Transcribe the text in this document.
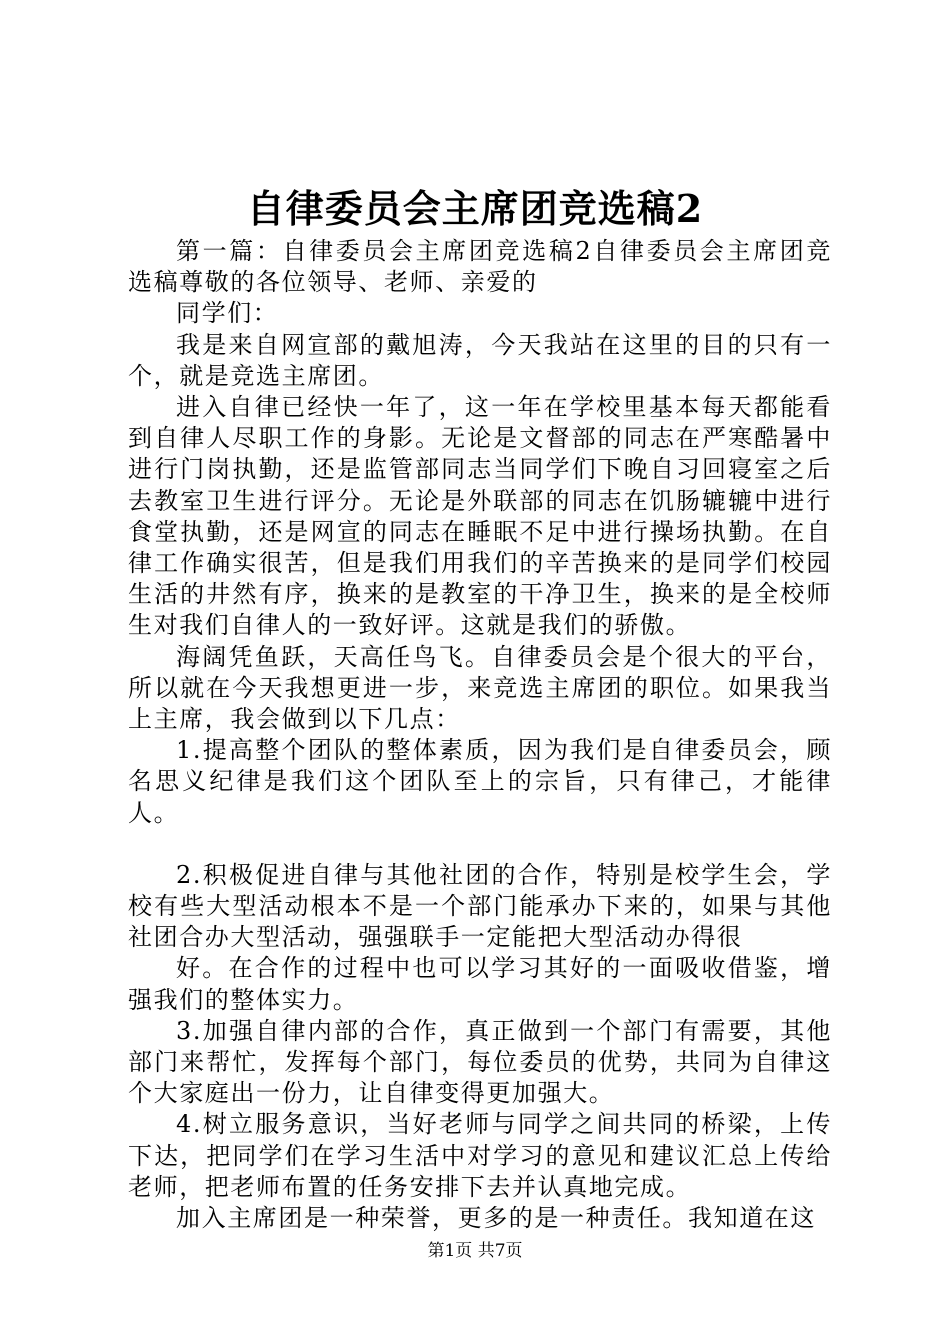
自律委员会主席团竞选稿2

第一篇：自律委员会主席团竞选稿2自律委员会主席团竞选稿尊敬的各位领导、老师、亲爱的

同学们：

我是来自网宣部的戴旭涛，今天我站在这里的目的只有一个，就是竞选主席团。

进入自律已经快一年了，这一年在学校里基本每天都能看到自律人尽职工作的身影。无论是文督部的同志在严寒酷暑中进行门岗执勤，还是监管部同志当同学们下晚自习回寝室之后去教室卫生进行评分。无论是外联部的同志在饥肠辘辘中进行食堂执勤，还是网宣的同志在睡眠不足中进行操场执勤。在自律工作确实很苦，但是我们用我们的辛苦换来的是同学们校园生活的井然有序，换来的是教室的干净卫生，换来的是全校师生对我们自律人的一致好评。这就是我们的骄傲。

海阔凭鱼跃，天高任鸟飞。自律委员会是个很大的平台，所以就在今天我想更进一步，来竞选主席团的职位。如果我当上主席，我会做到以下几点：

1.提高整个团队的整体素质，因为我们是自律委员会，顾名思义纪律是我们这个团队至上的宗旨，只有律己，才能律人。

2.积极促进自律与其他社团的合作，特别是校学生会，学校有些大型活动根本不是一个部门能承办下来的，如果与其他社团合办大型活动，强强联手一定能把大型活动办得很

好。在合作的过程中也可以学习其好的一面吸收借鉴，增强我们的整体实力。

3.加强自律内部的合作，真正做到一个部门有需要，其他部门来帮忙，发挥每个部门，每位委员的优势，共同为自律这个大家庭出一份力，让自律变得更加强大。

4.树立服务意识，当好老师与同学之间共同的桥梁，上传下达，把同学们在学习生活中对学习的意见和建议汇总上传给老师，把老师布置的任务安排下去并认真地完成。

加入主席团是一种荣誉，更多的是一种责任。我知道在这

第1页 共7页
